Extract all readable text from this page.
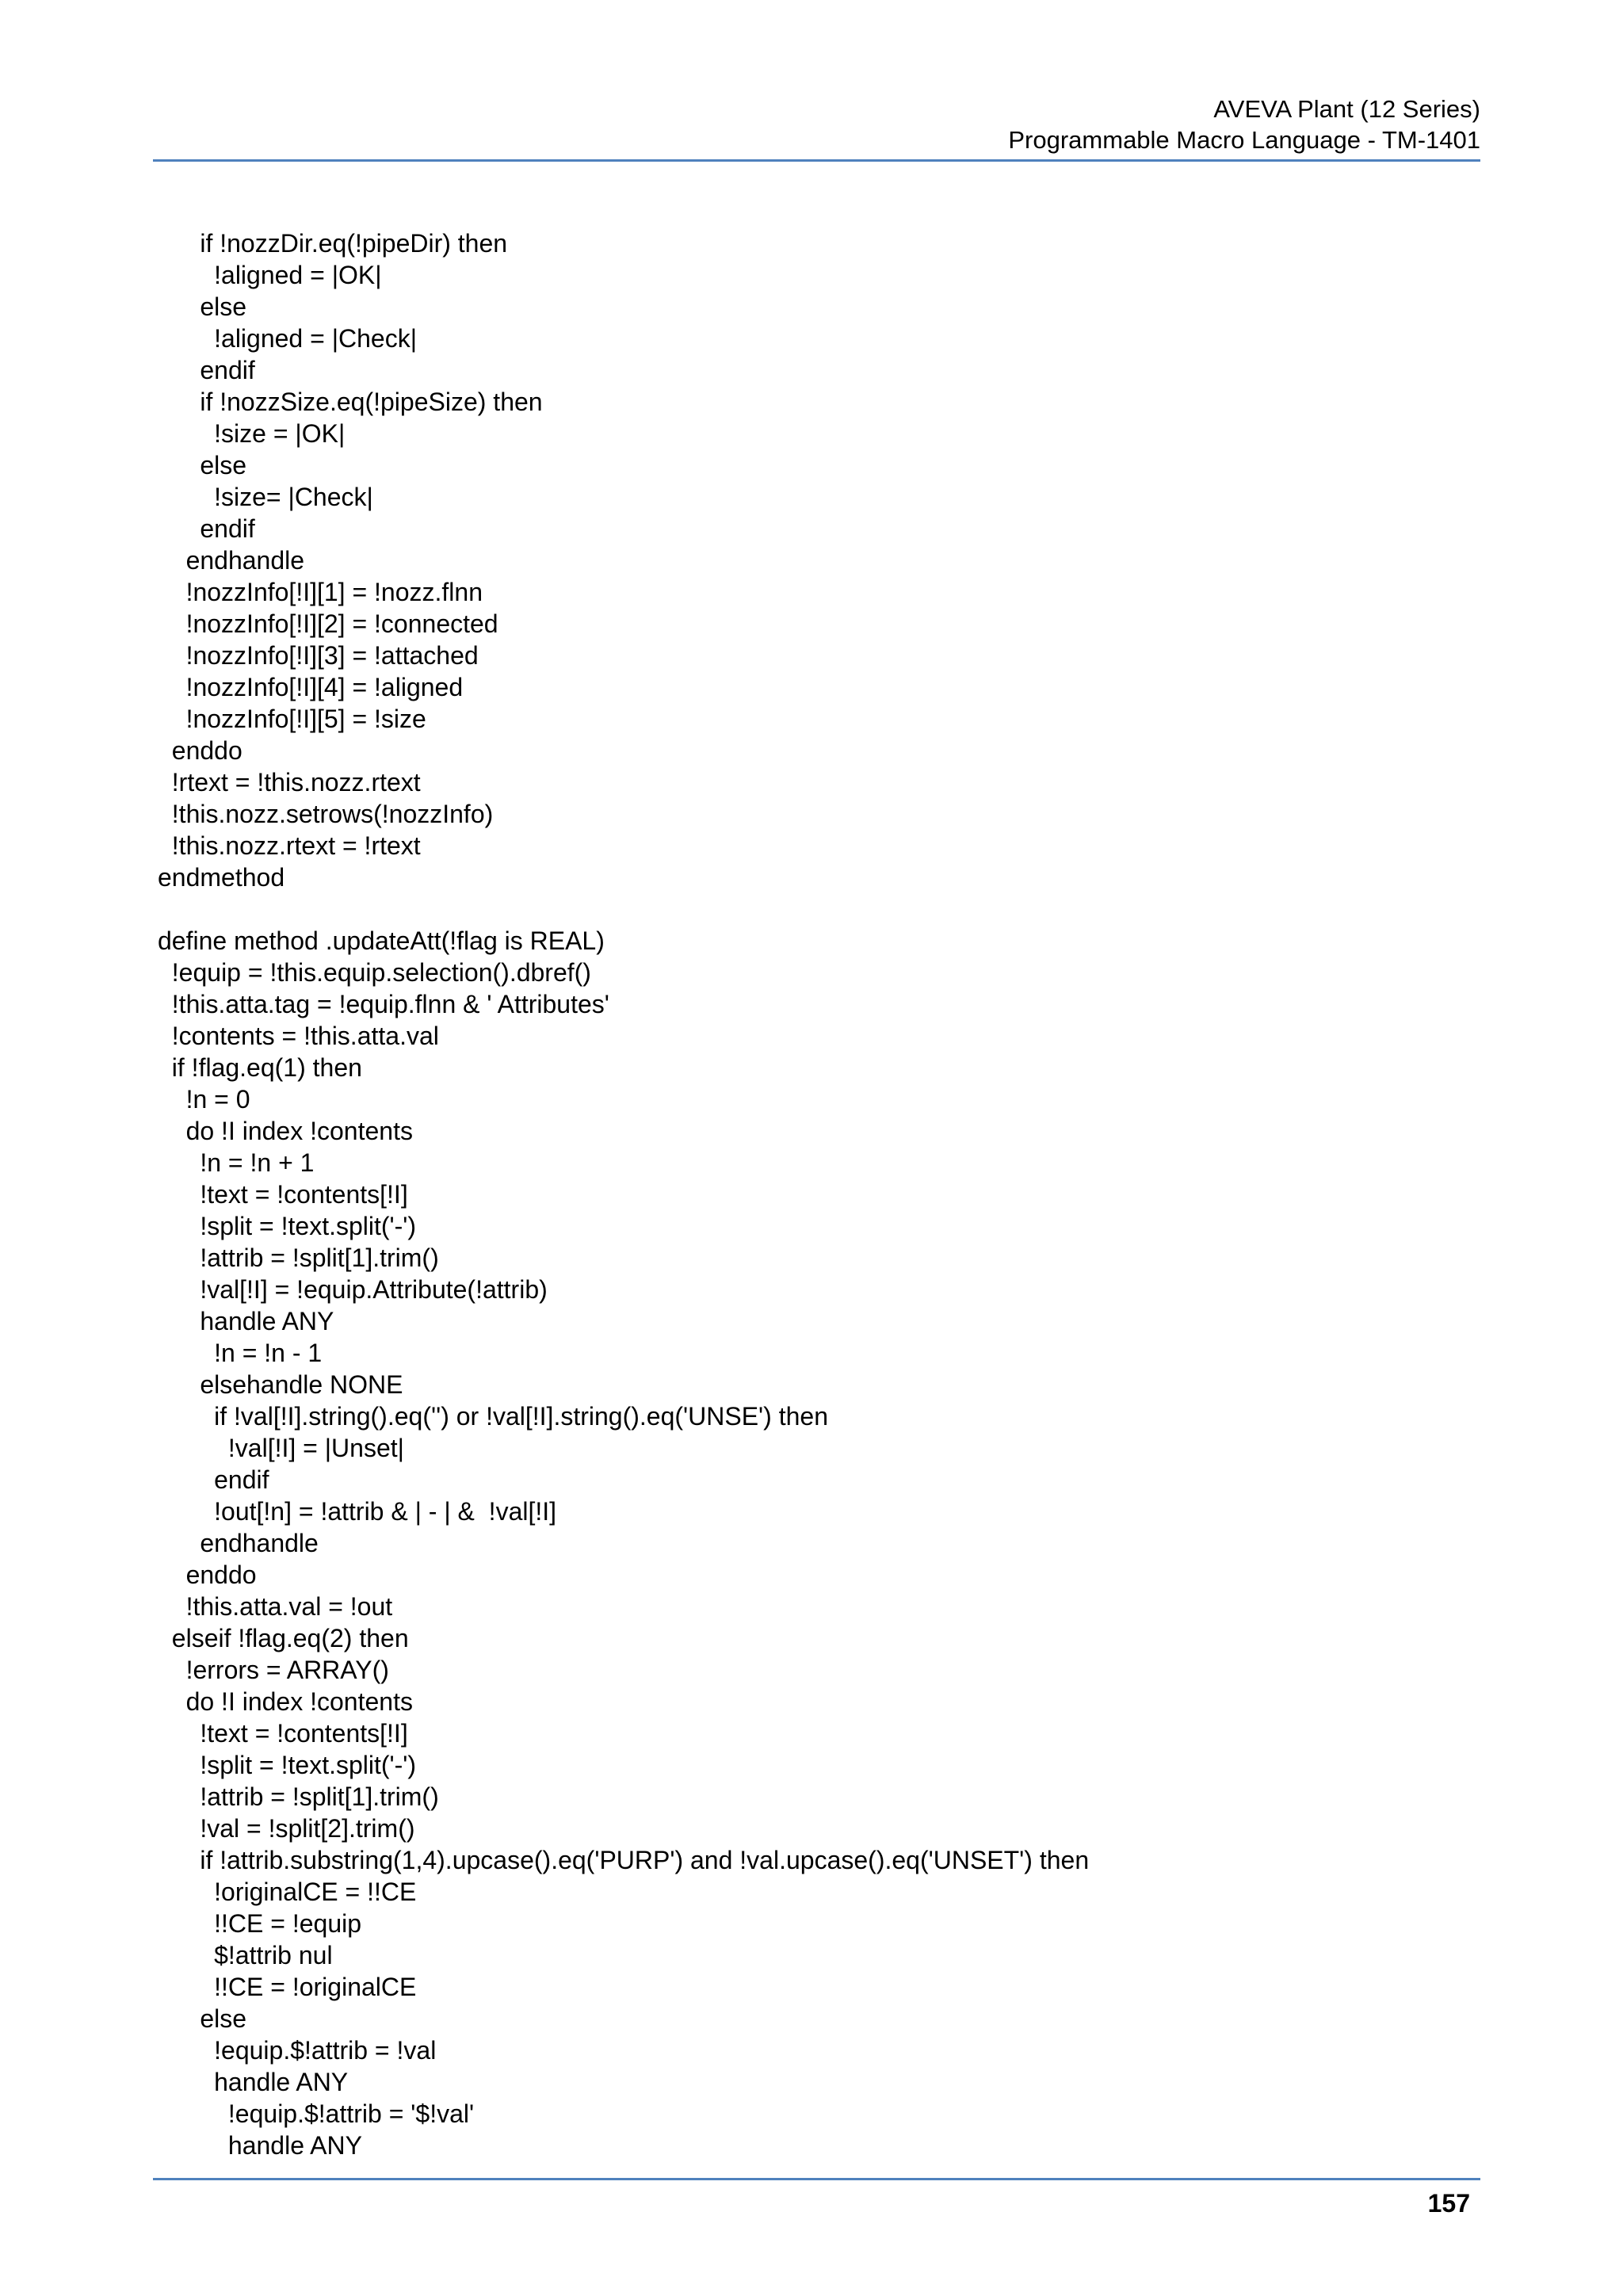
AVEVA Plant (12 Series)
Programmable Macro Language - TM-1401
if !nozzDir.eq(!pipeDir) then
!aligned = |OK|
else
!aligned = |Check|
endif
if !nozzSize.eq(!pipeSize) then
!size = |OK|
else
!size= |Check|
endif
endhandle
!nozzInfo[!I][1] = !nozz.flnn
!nozzInfo[!I][2] = !connected
!nozzInfo[!I][3] = !attached
!nozzInfo[!I][4] = !aligned
!nozzInfo[!I][5] = !size
enddo
!rtext = !this.nozz.rtext
!this.nozz.setrows(!nozzInfo)
!this.nozz.rtext = !rtext
endmethod
define method .updateAtt(!flag is REAL)
!equip = !this.equip.selection().dbref()
!this.atta.tag = !equip.flnn & ' Attributes'
!contents = !this.atta.val
if !flag.eq(1) then
!n = 0
do !I index !contents
!n = !n + 1
!text = !contents[!I]
!split = !text.split('-')
!attrib = !split[1].trim()
!val[!I] = !equip.Attribute(!attrib)
handle ANY
!n = !n - 1
elsehandle NONE
if !val[!I].string().eq('') or !val[!I].string().eq('UNSE') then
!val[!I] = |Unset|
endif
!out[!n] = !attrib & | - | &  !val[!I]
endhandle
enddo
!this.atta.val = !out
elseif !flag.eq(2) then
!errors = ARRAY()
do !I index !contents
!text = !contents[!I]
!split = !text.split('-')
!attrib = !split[1].trim()
!val = !split[2].trim()
if !attrib.substring(1,4).upcase().eq('PURP') and !val.upcase().eq('UNSET') then
!originalCE = !!CE
!!CE = !equip
$!attrib nul
!!CE = !originalCE
else
!equip.$!attrib = !val
handle ANY
!equip.$!attrib = '$!val'
handle ANY
157
